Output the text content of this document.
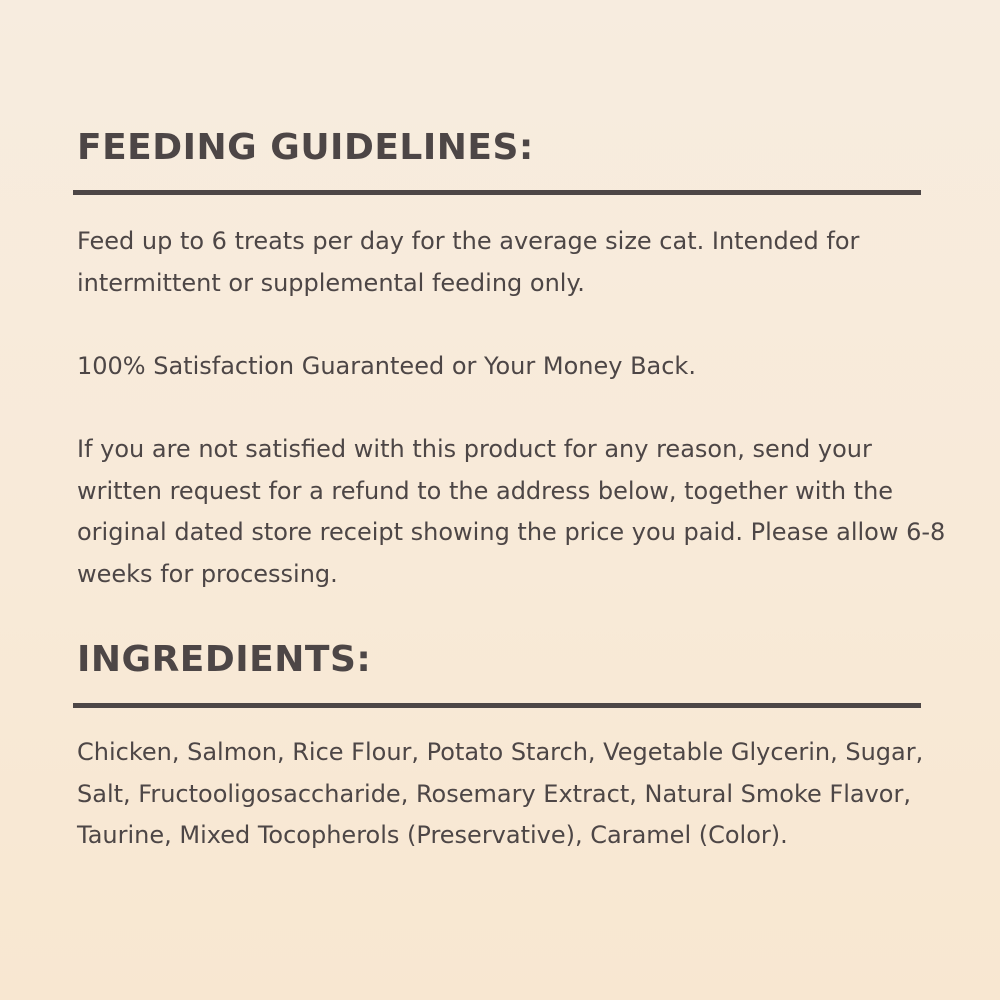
FEEDING GUIDELINES:

Feed up to 6 treats per day for the average size cat. Intended for intermittent or supplemental feeding only.

100% Satisfaction Guaranteed or Your Money Back.

If you are not satisfied with this product for any reason, send your written request for a refund to the address below, together with the original dated store receipt showing the price you paid. Please allow 6-8 weeks for processing.

INGREDIENTS:

Chicken, Salmon, Rice Flour, Potato Starch, Vegetable Glycerin, Sugar, Salt, Fructooligosaccharide, Rosemary Extract, Natural Smoke Flavor, Taurine, Mixed Tocopherols (Preservative), Caramel (Color).
